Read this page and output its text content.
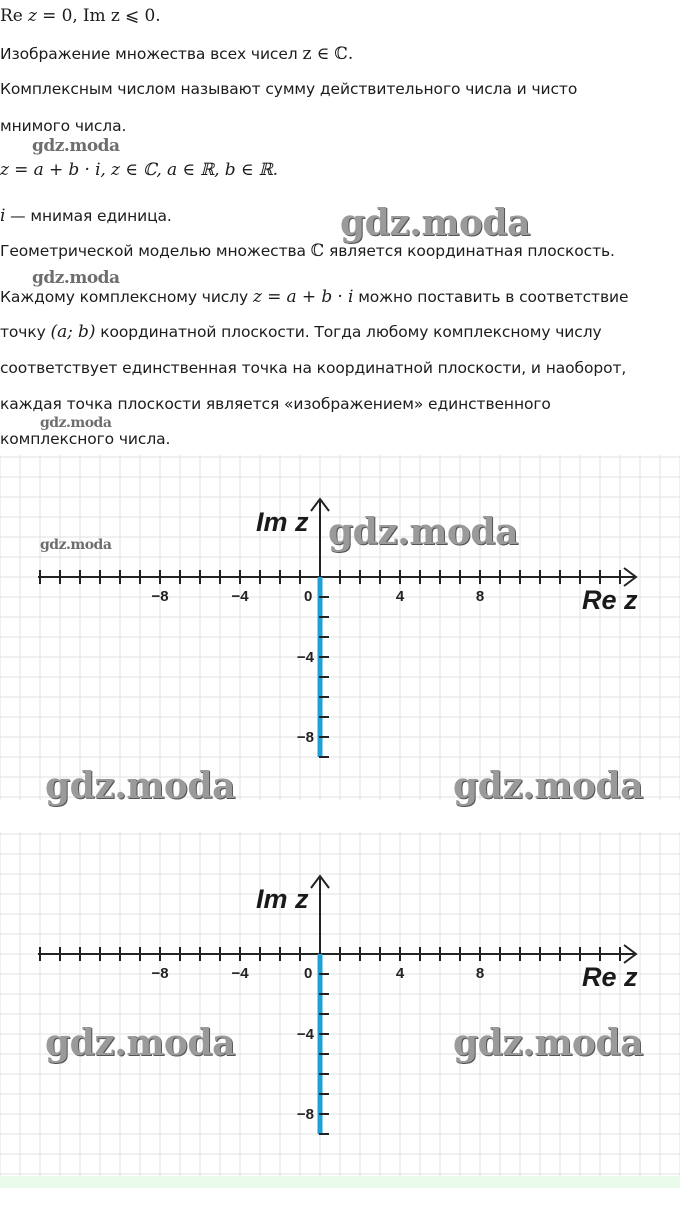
Re z = 0, Im z ⩽ 0.
Изображение множества всех чисел z ∈ ℂ.
Комплексным числом называют сумму действительного числа и чисто
мнимого числа.
z = a + b · i, z ∈ ℂ, a ∈ ℝ, b ∈ ℝ.
i — мнимая единица.
Геометрической моделью множества ℂ является координатная плоскость.
Каждому комплексному числу z = a + b · i можно поставить в соответствие
точку (a; b) координатной плоскости. Тогда любому комплексному числу
соответствует единственная точка на координатной плоскости, и наоборот,
каждая точка плоскости является «изображением» единственного
комплексного числа.
gdz.moda
gdz.moda
gdz.moda
gdz.moda
−8	−4	4	8
0
−4
−8
Re z
Im z
gdz.moda	gdz.moda
gdz.moda	gdz.moda
−8	−4	4	8
0
−4
−8
Re z
Im z
gdz.moda	gdz.moda
